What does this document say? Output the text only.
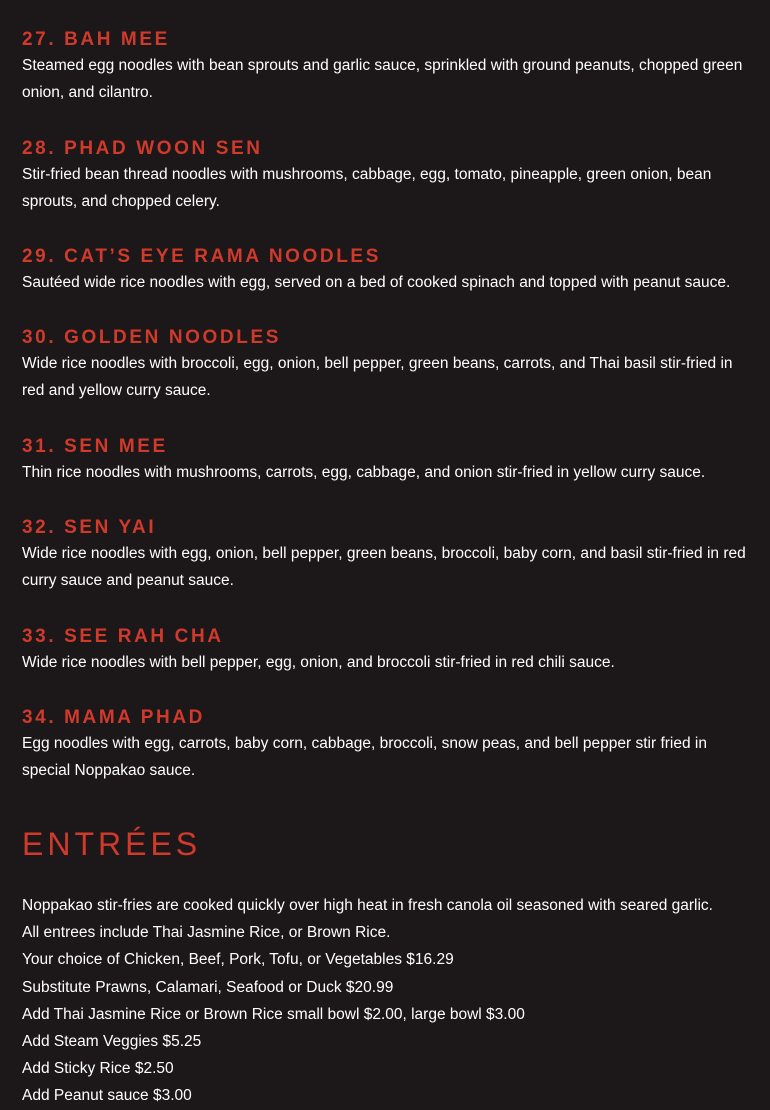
27. BAH MEE

Steamed egg noodles with bean sprouts and garlic sauce, sprinkled with ground peanuts, chopped green onion, and cilantro.

28. PHAD WOON SEN

Stir-fried bean thread noodles with mushrooms, cabbage, egg, tomato, pineapple, green onion, bean sprouts, and chopped celery.

29. CAT’S EYE RAMA NOODLES

Sautéed wide rice noodles with egg, served on a bed of cooked spinach and topped with peanut sauce.

30. GOLDEN NOODLES

Wide rice noodles with broccoli, egg, onion, bell pepper, green beans, carrots, and Thai basil stir-fried in red and yellow curry sauce.

31. SEN MEE

Thin rice noodles with mushrooms, carrots, egg, cabbage, and onion stir-fried in yellow curry sauce.

32. SEN YAI

Wide rice noodles with egg, onion, bell pepper, green beans, broccoli, baby corn, and basil stir-fried in red curry sauce and peanut sauce.

33. SEE RAH CHA

Wide rice noodles with bell pepper, egg, onion, and broccoli stir-fried in red chili sauce.

34. MAMA PHAD

Egg noodles with egg, carrots, baby corn, cabbage, broccoli, snow peas, and bell pepper stir fried in special Noppakao sauce.

ENTRÉES
Noppakao stir-fries are cooked quickly over high heat in fresh canola oil seasoned with seared garlic.
All entrees include Thai Jasmine Rice, or Brown Rice.
Your choice of Chicken, Beef, Pork, Tofu, or Vegetables $16.29
Substitute Prawns, Calamari, Seafood or Duck $20.99
Add Thai Jasmine Rice or Brown Rice small bowl $2.00, large bowl $3.00
Add Steam Veggies $5.25
Add Sticky Rice $2.50
Add Peanut sauce $3.00
